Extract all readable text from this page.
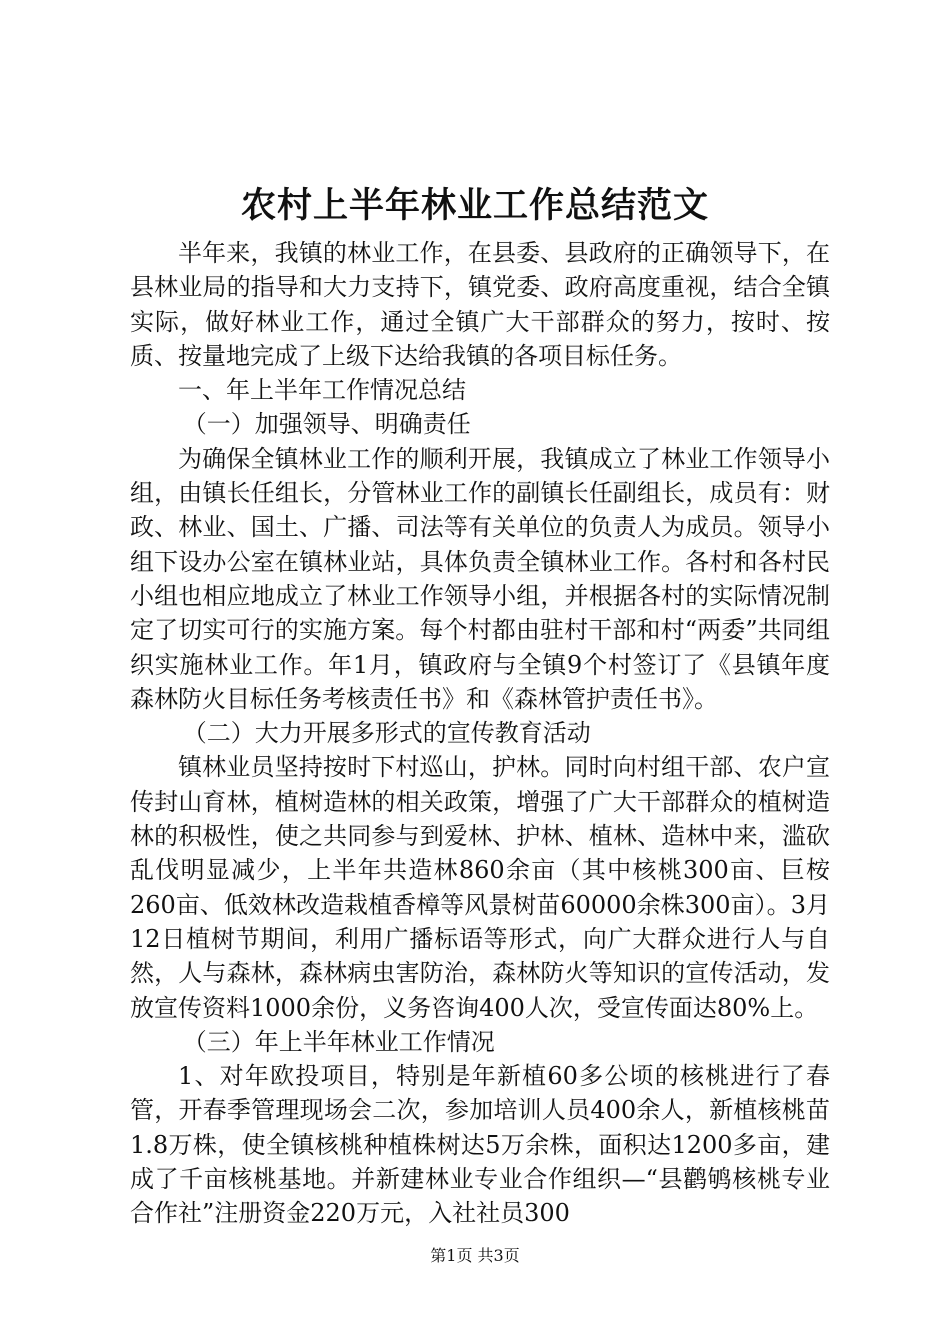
农村上半年林业工作总结范文

半年来，我镇的林业工作，在县委、县政府的正确领导下，在县林业局的指导和大力支持下，镇党委、政府高度重视，结合全镇实际，做好林业工作，通过全镇广大干部群众的努力，按时、按质、按量地完成了上级下达给我镇的各项目标任务。

一、年上半年工作情况总结

（一）加强领导、明确责任

为确保全镇林业工作的顺利开展，我镇成立了林业工作领导小组，由镇长任组长，分管林业工作的副镇长任副组长，成员有：财政、林业、国土、广播、司法等有关单位的负责人为成员。领导小组下设办公室在镇林业站，具体负责全镇林业工作。各村和各村民小组也相应地成立了林业工作领导小组，并根据各村的实际情况制定了切实可行的实施方案。每个村都由驻村干部和村“两委”共同组织实施林业工作。年1月，镇政府与全镇9个村签订了《县镇年度森林防火目标任务考核责任书》和《森林管护责任书》。

（二）大力开展多形式的宣传教育活动

镇林业员坚持按时下村巡山，护林。同时向村组干部、农户宣传封山育林，植树造林的相关政策，增强了广大干部群众的植树造林的积极性，使之共同参与到爱林、护林、植林、造林中来，滥砍乱伐明显减少，上半年共造林860余亩（其中核桃300亩、巨桉260亩、低效林改造栽植香樟等风景树苗60000余株300亩）。3月12日植树节期间，利用广播标语等形式，向广大群众进行人与自然，人与森林，森林病虫害防治，森林防火等知识的宣传活动，发放宣传资料1000余份，义务咨询400人次，受宣传面达80%上。

（三）年上半年林业工作情况

1、对年欧投项目，特别是年新植60多公顷的核桃进行了春管，开春季管理现场会二次，参加培训人员400余人，新植核桃苗1.8万株，使全镇核桃种植株树达5万余株，面积达1200多亩，建成了千亩核桃基地。并新建林业专业合作组织—“县鹳鸲核桃专业合作社”注册资金220万元，入社社员300

第1页 共3页
